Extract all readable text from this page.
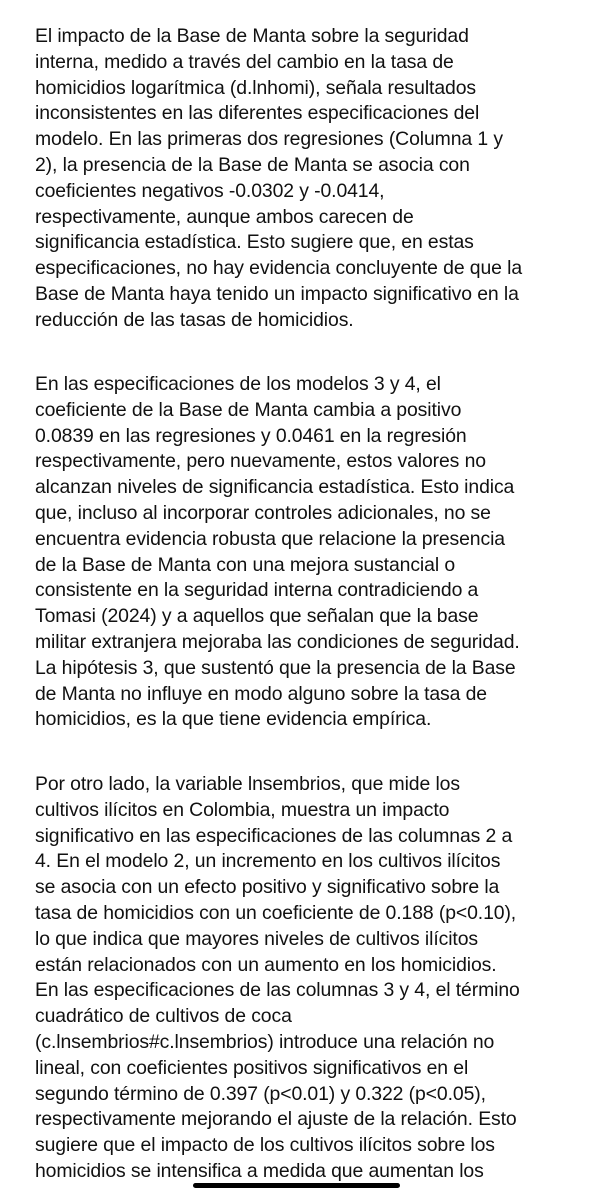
El impacto de la Base de Manta sobre la seguridad
interna, medido a través del cambio en la tasa de
homicidios logarítmica (d.lnhomi), señala resultados
inconsistentes en las diferentes especificaciones del
modelo. En las primeras dos regresiones (Columna 1 y
2), la presencia de la Base de Manta se asocia con
coeficientes negativos -0.0302 y -0.0414,
respectivamente, aunque ambos carecen de
significancia estadística. Esto sugiere que, en estas
especificaciones, no hay evidencia concluyente de que la
Base de Manta haya tenido un impacto significativo en la
reducción de las tasas de homicidios.

En las especificaciones de los modelos 3 y 4, el
coeficiente de la Base de Manta cambia a positivo
0.0839 en las regresiones y 0.0461 en la regresión
respectivamente, pero nuevamente, estos valores no
alcanzan niveles de significancia estadística. Esto indica
que, incluso al incorporar controles adicionales, no se
encuentra evidencia robusta que relacione la presencia
de la Base de Manta con una mejora sustancial o
consistente en la seguridad interna contradiciendo a
Tomasi (2024) y a aquellos que señalan que la base
militar extranjera mejoraba las condiciones de seguridad.
La hipótesis 3, que sustentó que la presencia de la Base
de Manta no influye en modo alguno sobre la tasa de
homicidios, es la que tiene evidencia empírica.

Por otro lado, la variable lnsembrios, que mide los
cultivos ilícitos en Colombia, muestra un impacto
significativo en las especificaciones de las columnas 2 a
4. En el modelo 2, un incremento en los cultivos ilícitos
se asocia con un efecto positivo y significativo sobre la
tasa de homicidios con un coeficiente de 0.188 (p<0.10),
lo que indica que mayores niveles de cultivos ilícitos
están relacionados con un aumento en los homicidios.
En las especificaciones de las columnas 3 y 4, el término
cuadrático de cultivos de coca
(c.lnsembrios#c.lnsembrios) introduce una relación no
lineal, con coeficientes positivos significativos en el
segundo término de 0.397 (p<0.01) y 0.322 (p<0.05),
respectivamente mejorando el ajuste de la relación. Esto
sugiere que el impacto de los cultivos ilícitos sobre los
homicidios se intensifica a medida que aumentan los
